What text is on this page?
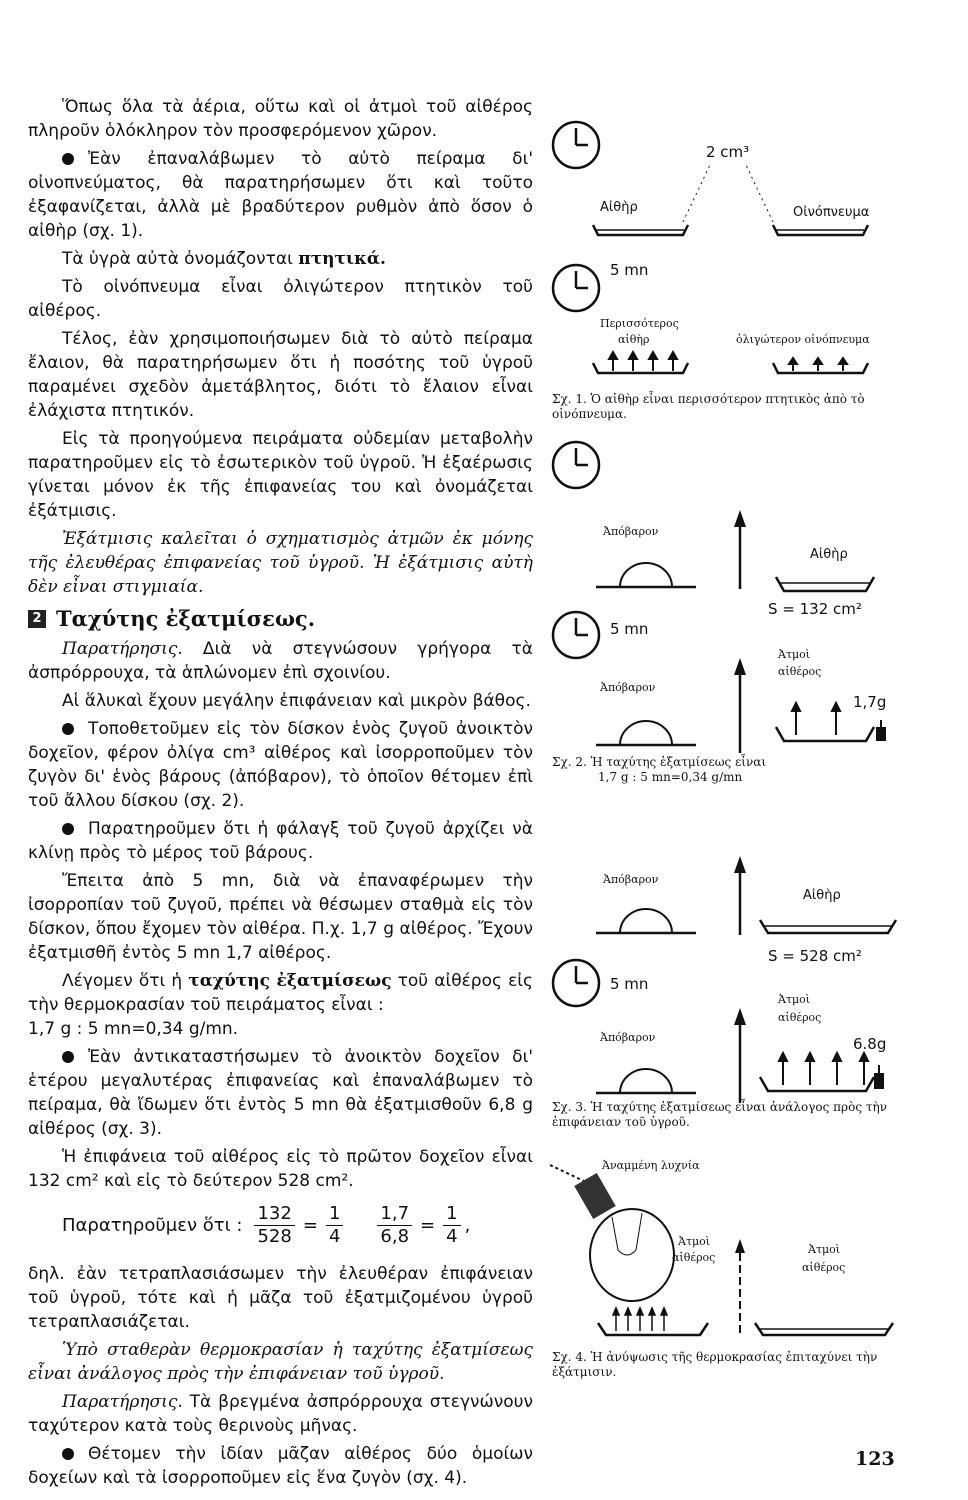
Ὅπως ὅλα τὰ ἀέρια, οὕτω καὶ οἱ ἀτμοὶ τοῦ αἰθέρος πληροῦν ὁλόκληρον τὸν προσφερόμενον χῶρον.

Ἐὰν ἐπαναλάβωμεν τὸ αὐτὸ πείραμα δι' οἰνοπνεύματος, θὰ παρατηρήσωμεν ὅτι καὶ τοῦτο ἐξαφανίζεται, ἀλλὰ μὲ βραδύτερον ρυθμὸν ἀπὸ ὅσον ὁ αἰθὴρ (σχ. 1).

Τὰ ὑγρὰ αὐτὰ ὀνομάζονται πτητικά.

Τὸ οἰνόπνευμα εἶναι ὀλιγώτερον πτητικὸν τοῦ αἰθέρος.

Τέλος, ἐὰν χρησιμοποιήσωμεν διὰ τὸ αὐτὸ πείραμα ἔλαιον, θὰ παρατηρήσωμεν ὅτι ἡ ποσότης τοῦ ὑγροῦ παραμένει σχεδὸν ἀμετάβλητος, διότι τὸ ἔλαιον εἶναι ἐλάχιστα πτητικόν.

Εἰς τὰ προηγούμενα πειράματα οὐδεμίαν μεταβολὴν παρατηροῦμεν εἰς τὸ ἐσωτερικὸν τοῦ ὑγροῦ. Ἡ ἐξαέρωσις γίνεται μόνον ἐκ τῆς ἐπιφανείας του καὶ ὀνομάζεται ἐξάτμισις.

Ἐξάτμισις καλεῖται ὁ σχηματισμὸς ἀτμῶν ἐκ μόνης τῆς ἐλευθέρας ἐπιφανείας τοῦ ὑγροῦ. Ἡ ἐξάτμισις αὐτὴ δὲν εἶναι στιγμιαία.

2 Ταχύτης ἐξατμίσεως.

Παρατήρησις. Διὰ νὰ στεγνώσουν γρήγορα τὰ ἀσπρόρρουχα, τὰ ἁπλώνομεν ἐπὶ σχοινίου.

Αἱ ἅλυκαὶ ἔχουν μεγάλην ἐπιφάνειαν καὶ μικρὸν βάθος.

Τοποθετοῦμεν εἰς τὸν δίσκον ἑνὸς ζυγοῦ ἀνοικτὸν δοχεῖον, φέρον ὀλίγα cm³ αἰθέρος καὶ ἰσορροποῦμεν τὸν ζυγὸν δι' ἑνὸς βάρους (ἀπόβαρον), τὸ ὁποῖον θέτομεν ἐπὶ τοῦ ἄλλου δίσκου (σχ. 2).

Παρατηροῦμεν ὅτι ἡ φάλαγξ τοῦ ζυγοῦ ἀρχίζει νὰ κλίνῃ πρὸς τὸ μέρος τοῦ βάρους.

Ἔπειτα ἀπὸ 5 mn, διὰ νὰ ἐπαναφέρωμεν τὴν ἰσορροπίαν τοῦ ζυγοῦ, πρέπει νὰ θέσωμεν σταθμὰ εἰς τὸν δίσκον, ὅπου ἔχομεν τὸν αἰθέρα. Π.χ. 1,7 g αἰθέρος. Ἔχουν ἐξατμισθῆ ἐντὸς 5 mn 1,7 αἰθέρος.

Λέγομεν ὅτι ἡ ταχύτης ἐξατμίσεως τοῦ αἰθέρος εἰς τὴν θερμοκρασίαν τοῦ πειράματος εἶναι :
1,7 g : 5 mn=0,34 g/mn.

Ἐὰν ἀντικαταστήσωμεν τὸ ἀνοικτὸν δοχεῖον δι' ἑτέρου μεγαλυτέρας ἐπιφανείας καὶ ἐπαναλάβωμεν τὸ πείραμα, θὰ ἴδωμεν ὅτι ἐντὸς 5 mn θὰ ἐξατμισθοῦν 6,8 g αἰθέρος (σχ. 3).

Ἡ ἐπιφάνεια τοῦ αἰθέρος εἰς τὸ πρῶτον δοχεῖον εἶναι 132 cm² καὶ εἰς τὸ δεύτερον 528 cm².

Παρατηροῦμεν ὅτι : $\frac{132}{528} = \frac{1}{4} \frac{1,7}{6,8} = \frac{1}{4}$ ,

δηλ. ἐὰν τετραπλασιάσωμεν τὴν ἐλευθέραν ἐπιφάνειαν τοῦ ὑγροῦ, τότε καὶ ἡ μᾶζα τοῦ ἐξατμιζομένου ὑγροῦ τετραπλασιάζεται.

Ὑπὸ σταθερὰν θερμοκρασίαν ἡ ταχύτης ἐξατμίσεως εἶναι ἀνάλογος πρὸς τὴν ἐπιφάνειαν τοῦ ὑγροῦ.

Παρατήρησις. Τὰ βρεγμένα ἀσπρόρρουχα στεγνώνουν ταχύτερον κατὰ τοὺς θερινοὺς μῆνας.

Θέτομεν τὴν ἰδίαν μᾶζαν αἰθέρος δύο ὁμοίων δοχείων καὶ τὰ ἰσορροποῦμεν εἰς ἕνα ζυγὸν (σχ. 4).

2 cm³
Αἰθὴρ	Οἰνόπνευμα
5 mn
Περισσότερος
αἰθὴρ	ὀλιγώτερον οἰνόπνευμα
Σχ. 1. Ὁ αἰθὴρ εἶναι περισσότερον πτητικὸς ἀπὸ τὸ οἰνόπνευμα.
Ἀπόβαρον
Αἰθὴρ
S = 132 cm²
5 mn
Ἀπόβαρον
Ἀτμοὶ
αἰθέρος
1,7g
Σχ. 2. Ἡ ταχύτης ἐξατμίσεως εἶναι
1,7 g : 5 mn=0,34 g/mn
Ἀπόβαρον
Αἰθὴρ
S = 528 cm²
5 mn
Ἀπόβαρον
Ἀτμοὶ
αἰθέρος
6.8g
Σχ. 3. Ἡ ταχύτης ἐξατμίσεως εἶναι ἀνάλογος πρὸς τὴν ἐπιφάνειαν τοῦ ὑγροῦ.
Ἀναμμένη λυχνία
Ἀτμοὶ
αἰθέρος
Ἀτμοὶ
αἰθέρος
Σχ. 4. Ἡ ἀνύψωσις τῆς θερμοκρασίας ἐπιταχύνει τὴν ἐξάτμισιν.
123
